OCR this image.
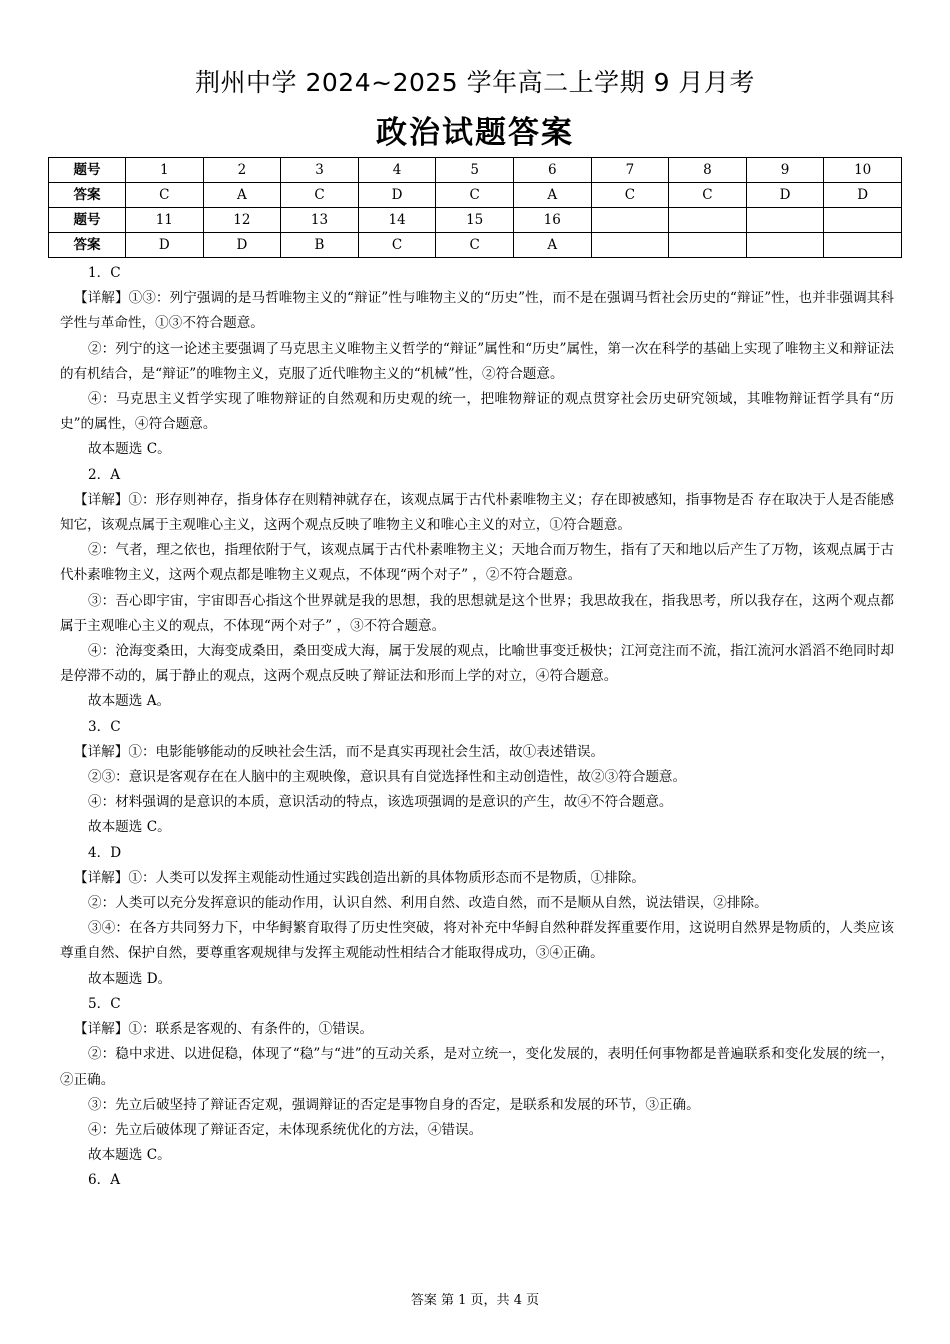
荆州中学 2024~2025 学年高二上学期 9 月月考
政治试题答案
题号	1	2	3	4	5	6	7	8	9	10
答案	C	A	C	D	C	A	C	C	D	D
题号	11	12	13	14	15	16				
答案	D	D	B	C	C	A				

1．C

【详解】①③：列宁强调的是马哲唯物主义的“辩证”性与唯物主义的“历史”性，而不是在强调马哲社会历史的“辩证”性，也并非强调其科学性与革命性，①③不符合题意。

②：列宁的这一论述主要强调了马克思主义唯物主义哲学的“辩证”属性和“历史”属性，第一次在科学的基础上实现了唯物主义和辩证法的有机结合，是“辩证”的唯物主义，克服了近代唯物主义的“机械”性，②符合题意。

④：马克思主义哲学实现了唯物辩证的自然观和历史观的统一，把唯物辩证的观点贯穿社会历史研究领域，其唯物辩证哲学具有“历史”的属性，④符合题意。

故本题选 C。

2．A

【详解】①：形存则神存，指身体存在则精神就存在，该观点属于古代朴素唯物主义；存在即被感知，指事物是否 存在取决于人是否能感知它，该观点属于主观唯心主义，这两个观点反映了唯物主义和唯心主义的对立，①符合题意。

②：气者，理之依也，指理依附于气，该观点属于古代朴素唯物主义；天地合而万物生，指有了天和地以后产生了万物，该观点属于古代朴素唯物主义，这两个观点都是唯物主义观点，不体现“两个对子” ，②不符合题意。

③：吾心即宇宙，宇宙即吾心指这个世界就是我的思想，我的思想就是这个世界；我思故我在，指我思考，所以我存在，这两个观点都属于主观唯心主义的观点，不体现“两个对子” ，③不符合题意。

④：沧海变桑田，大海变成桑田，桑田变成大海，属于发展的观点，比喻世事变迁极快；江河竞注而不流，指江流河水滔滔不绝同时却是停滞不动的，属于静止的观点，这两个观点反映了辩证法和形而上学的对立，④符合题意。

故本题选 A。

3．C

【详解】①：电影能够能动的反映社会生活，而不是真实再现社会生活，故①表述错误。

②③：意识是客观存在在人脑中的主观映像，意识具有自觉选择性和主动创造性，故②③符合题意。

④：材料强调的是意识的本质，意识活动的特点，该选项强调的是意识的产生，故④不符合题意。

故本题选 C。

4．D

【详解】①：人类可以发挥主观能动性通过实践创造出新的具体物质形态而不是物质，①排除。

②：人类可以充分发挥意识的能动作用，认识自然、利用自然、改造自然，而不是顺从自然，说法错误，②排除。

③④：在各方共同努力下，中华鲟繁育取得了历史性突破，将对补充中华鲟自然种群发挥重要作用，这说明自然界是物质的，人类应该尊重自然、保护自然，要尊重客观规律与发挥主观能动性相结合才能取得成功，③④正确。

故本题选 D。

5．C

【详解】①：联系是客观的、有条件的，①错误。

②：稳中求进、以进促稳，体现了“稳”与“进”的互动关系，是对立统一，变化发展的，表明任何事物都是普遍联系和变化发展的统一，②正确。

③：先立后破坚持了辩证否定观，强调辩证的否定是事物自身的否定，是联系和发展的环节，③正确。

④：先立后破体现了辩证否定，未体现系统优化的方法，④错误。

故本题选 C。

6．A

答案 第 1 页，共 4 页
